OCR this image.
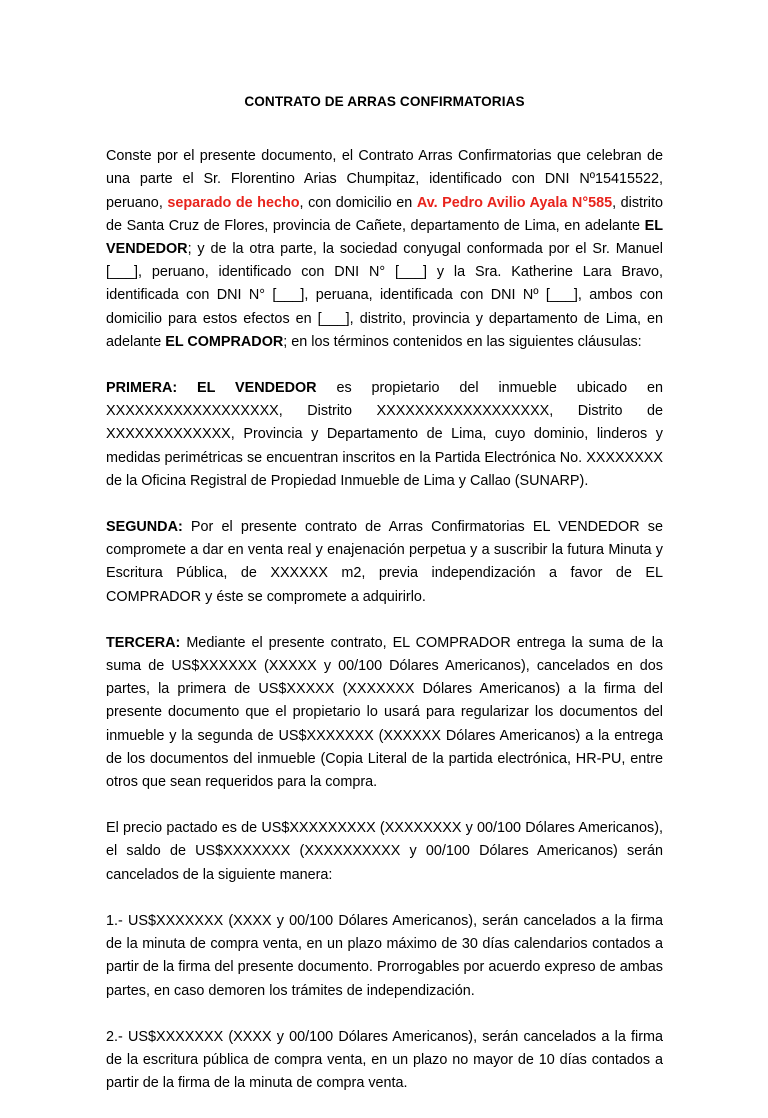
CONTRATO DE ARRAS CONFIRMATORIAS

Conste por el presente documento, el Contrato Arras Confirmatorias que celebran de una parte el Sr. Florentino Arias Chumpitaz, identificado con DNI Nº15415522, peruano, separado de hecho, con domicilio en Av. Pedro Avilio Ayala N°585, distrito de Santa Cruz de Flores, provincia de Cañete, departamento de Lima, en adelante EL VENDEDOR; y de la otra parte, la sociedad conyugal conformada por el Sr. Manuel [___], peruano, identificado con DNI N° [___] y la Sra. Katherine Lara Bravo, identificada con DNI N° [___], peruana, identificada con DNI Nº [___], ambos con domicilio para estos efectos en [___], distrito, provincia y departamento de Lima, en adelante EL COMPRADOR; en los términos contenidos en las siguientes cláusulas:

PRIMERA: EL VENDEDOR es propietario del inmueble ubicado en XXXXXXXXXXXXXXXXXX, Distrito XXXXXXXXXXXXXXXXXX, Distrito de XXXXXXXXXXXXX, Provincia y Departamento de Lima, cuyo dominio, linderos y medidas perimétricas se encuentran inscritos en la Partida Electrónica No. XXXXXXXX de la Oficina Registral de Propiedad Inmueble de Lima y Callao (SUNARP).

SEGUNDA: Por el presente contrato de Arras Confirmatorias EL VENDEDOR se compromete a dar en venta real y enajenación perpetua y a suscribir la futura Minuta y Escritura Pública, de XXXXXX m2, previa independización a favor de EL COMPRADOR y éste se compromete a adquirirlo.

TERCERA: Mediante el presente contrato, EL COMPRADOR entrega la suma de la suma de US$XXXXXX (XXXXX y 00/100 Dólares Americanos), cancelados en dos partes, la primera de US$XXXXX (XXXXXXX Dólares Americanos) a la firma del presente documento que el propietario lo usará para regularizar los documentos del inmueble y la segunda de US$XXXXXXX (XXXXXX Dólares Americanos) a la entrega de los documentos del inmueble (Copia Literal de la partida electrónica, HR-PU, entre otros que sean requeridos para la compra.

El precio pactado es de US$XXXXXXXXX (XXXXXXXX y 00/100 Dólares Americanos), el saldo de US$XXXXXXX (XXXXXXXXXX y 00/100 Dólares Americanos) serán cancelados de la siguiente manera:

1.- US$XXXXXXX (XXXX y 00/100 Dólares Americanos), serán cancelados a la firma de la minuta de compra venta, en un plazo máximo de 30 días calendarios contados a partir de la firma del presente documento. Prorrogables por acuerdo expreso de ambas partes, en caso demoren los trámites de independización.

2.- US$XXXXXXX (XXXX y 00/100 Dólares Americanos), serán cancelados a la firma de la escritura pública de compra venta, en un plazo no mayor de 10 días contados a partir de la firma de la minuta de compra venta.
